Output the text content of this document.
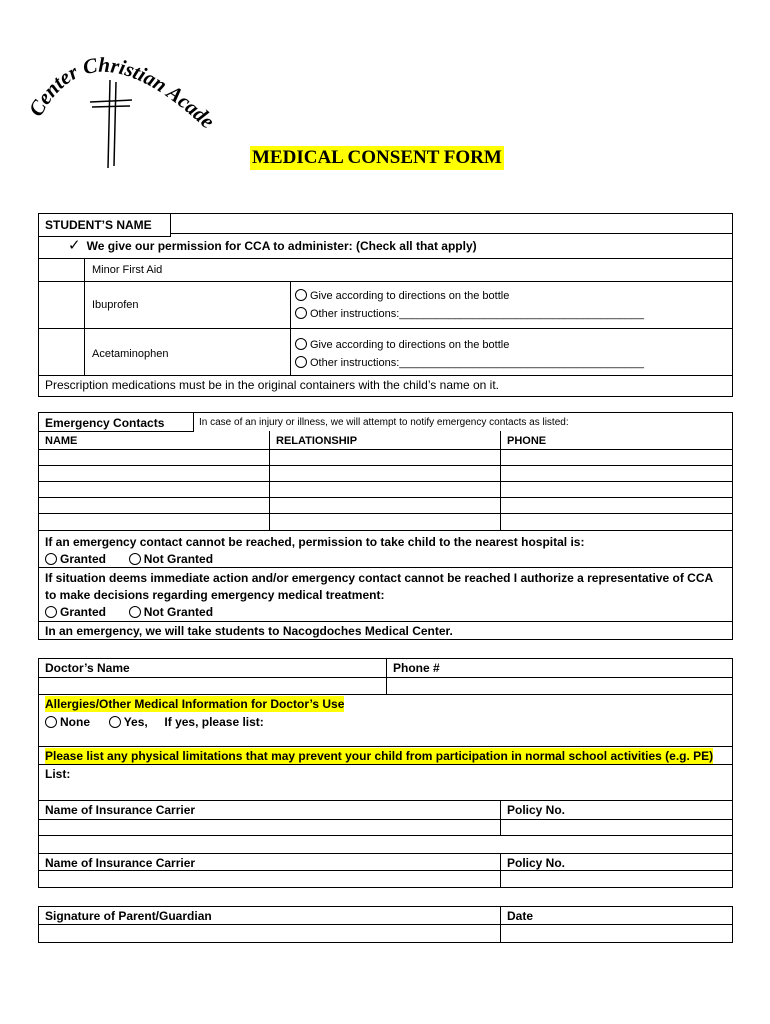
Center Christian Acade
MEDICAL CONSENT FORM
STUDENT’S NAME
✓ We give our permission for CCA to administer: (Check all that apply)
Minor First Aid
Ibuprofen
Give according to directions on the bottle
Other instructions:________________________________________
Acetaminophen
Give according to directions on the bottle
Other instructions:________________________________________
Prescription medications must be in the original containers with the child’s name on it.
Emergency Contacts	In case of an injury or illness, we will attempt to notify emergency contacts as listed:
NAME	RELATIONSHIP	PHONE
If an emergency contact cannot be reached, permission to take child to the nearest hospital is:
Granted	Not Granted
If situation deems immediate action and/or emergency contact cannot be reached I authorize a representative of CCA
to make decisions regarding emergency medical treatment:
Granted	Not Granted
In an emergency, we will take students to Nacogdoches Medical Center.
Doctor’s Name	Phone #
Allergies/Other Medical Information for Doctor’s Use
None	Yes, If yes, please list:
Please list any physical limitations that may prevent your child from participation in normal school activities (e.g. PE)
List:
Name of Insurance Carrier	Policy No.
Name of Insurance Carrier	Policy No.
Signature of Parent/Guardian	Date
